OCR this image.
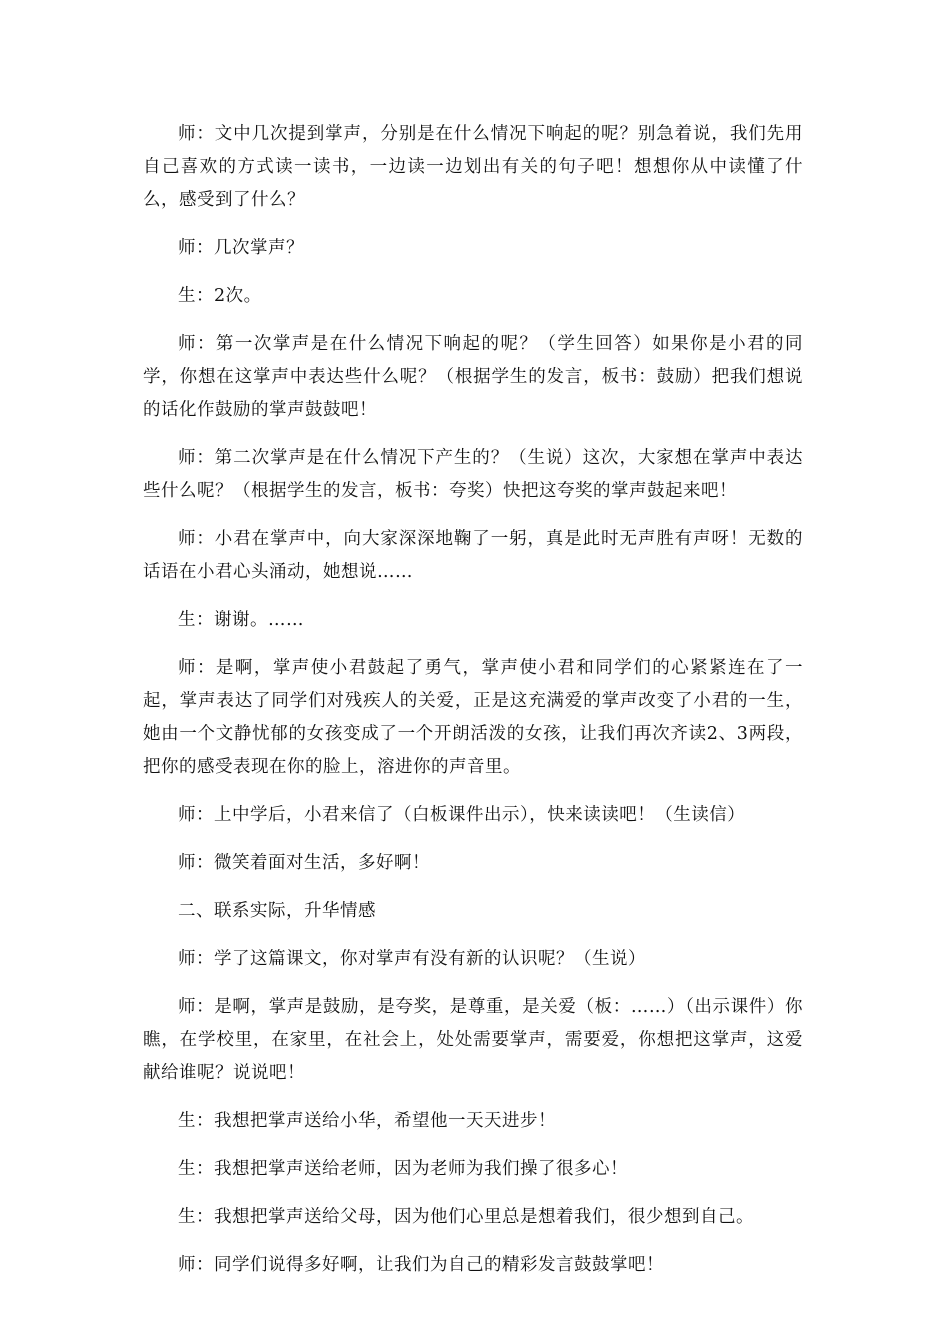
师：文中几次提到掌声，分别是在什么情况下响起的呢？别急着说，我们先用自己喜欢的方式读一读书，一边读一边划出有关的句子吧！想想你从中读懂了什么，感受到了什么？

师：几次掌声？

生：2次。

师：第一次掌声是在什么情况下响起的呢？（学生回答）如果你是小君的同学，你想在这掌声中表达些什么呢？（根据学生的发言，板书：鼓励）把我们想说的话化作鼓励的掌声鼓鼓吧！

师：第二次掌声是在什么情况下产生的？（生说）这次，大家想在掌声中表达些什么呢？（根据学生的发言，板书：夸奖）快把这夸奖的掌声鼓起来吧！

师：小君在掌声中，向大家深深地鞠了一躬，真是此时无声胜有声呀！无数的话语在小君心头涌动，她想说……

生：谢谢。……

师：是啊，掌声使小君鼓起了勇气，掌声使小君和同学们的心紧紧连在了一起，掌声表达了同学们对残疾人的关爱，正是这充满爱的掌声改变了小君的一生，她由一个文静忧郁的女孩变成了一个开朗活泼的女孩，让我们再次齐读2、3两段，把你的感受表现在你的脸上，溶进你的声音里。

师：上中学后，小君来信了（白板课件出示），快来读读吧！（生读信）

师：微笑着面对生活，多好啊！

二、联系实际，升华情感

师：学了这篇课文，你对掌声有没有新的认识呢？（生说）

师：是啊，掌声是鼓励，是夸奖，是尊重，是关爱（板：……）（出示课件）你瞧，在学校里，在家里，在社会上，处处需要掌声，需要爱，你想把这掌声，这爱献给谁呢？说说吧！

生：我想把掌声送给小华，希望他一天天进步！

生：我想把掌声送给老师，因为老师为我们操了很多心！

生：我想把掌声送给父母，因为他们心里总是想着我们，很少想到自己。

师：同学们说得多好啊，让我们为自己的精彩发言鼓鼓掌吧！
